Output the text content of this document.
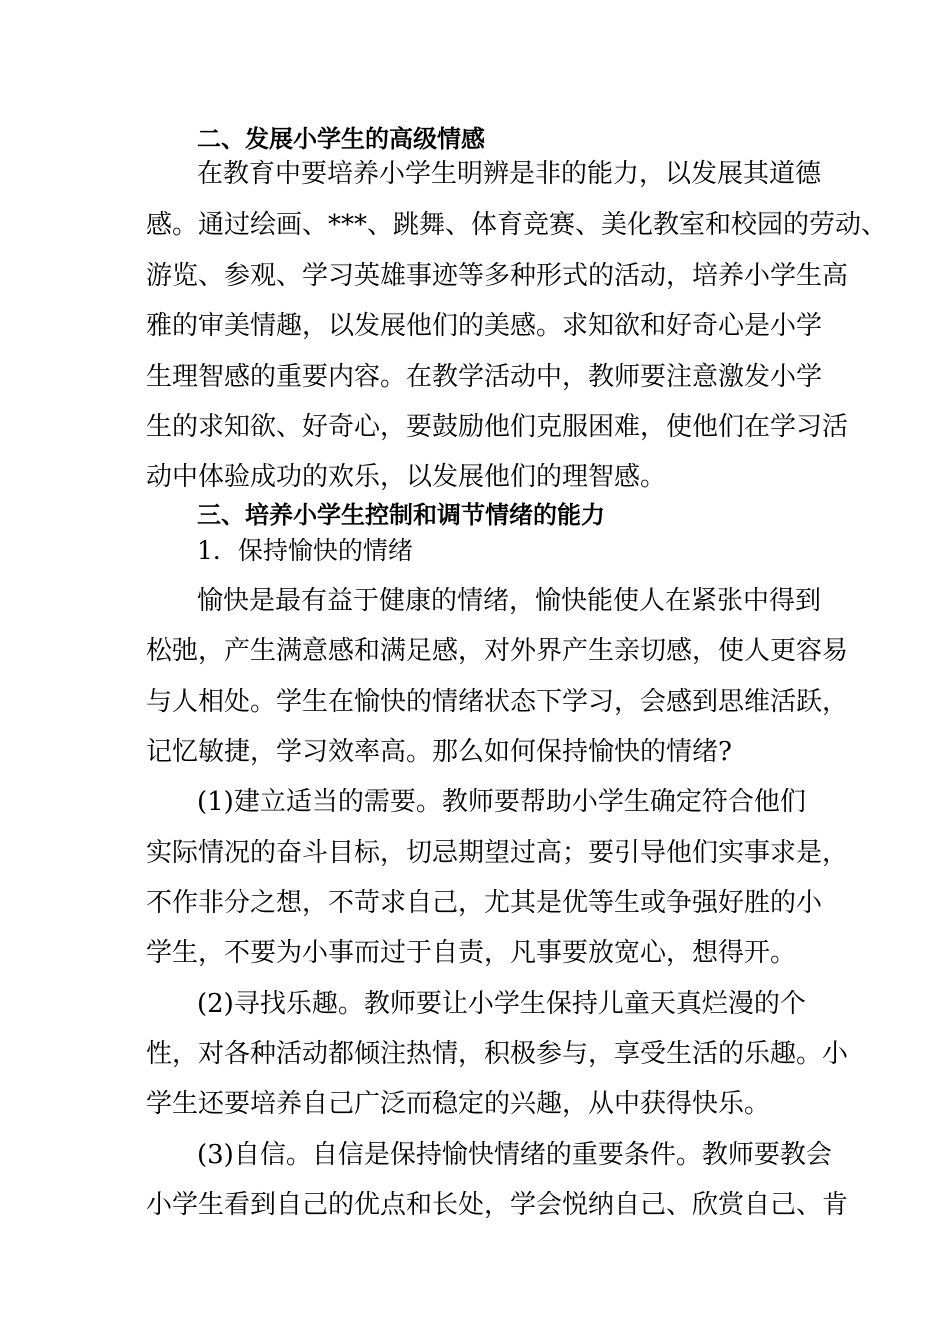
二、发展小学生的高级情感
在教育中要培养小学生明辨是非的能力，以发展其道德
感。通过绘画、***、跳舞、体育竞赛、美化教室和校园的劳动、
游览、参观、学习英雄事迹等多种形式的活动，培养小学生高
雅的审美情趣，以发展他们的美感。求知欲和好奇心是小学
生理智感的重要内容。在教学活动中，教师要注意激发小学
生的求知欲、好奇心，要鼓励他们克服困难，使他们在学习活
动中体验成功的欢乐，以发展他们的理智感。
三、培养小学生控制和调节情绪的能力
1．保持愉快的情绪
愉快是最有益于健康的情绪，愉快能使人在紧张中得到
松弛，产生满意感和满足感，对外界产生亲切感，使人更容易
与人相处。学生在愉快的情绪状态下学习，会感到思维活跃，
记忆敏捷，学习效率高。那么如何保持愉快的情绪?
(1)建立适当的需要。教师要帮助小学生确定符合他们
实际情况的奋斗目标，切忌期望过高；要引导他们实事求是，
不作非分之想，不苛求自己，尤其是优等生或争强好胜的小
学生，不要为小事而过于自责，凡事要放宽心，想得开。
(2)寻找乐趣。教师要让小学生保持儿童天真烂漫的个
性，对各种活动都倾注热情，积极参与，享受生活的乐趣。小
学生还要培养自己广泛而稳定的兴趣，从中获得快乐。
(3)自信。自信是保持愉快情绪的重要条件。教师要教会
小学生看到自己的优点和长处，学会悦纳自己、欣赏自己、肯
